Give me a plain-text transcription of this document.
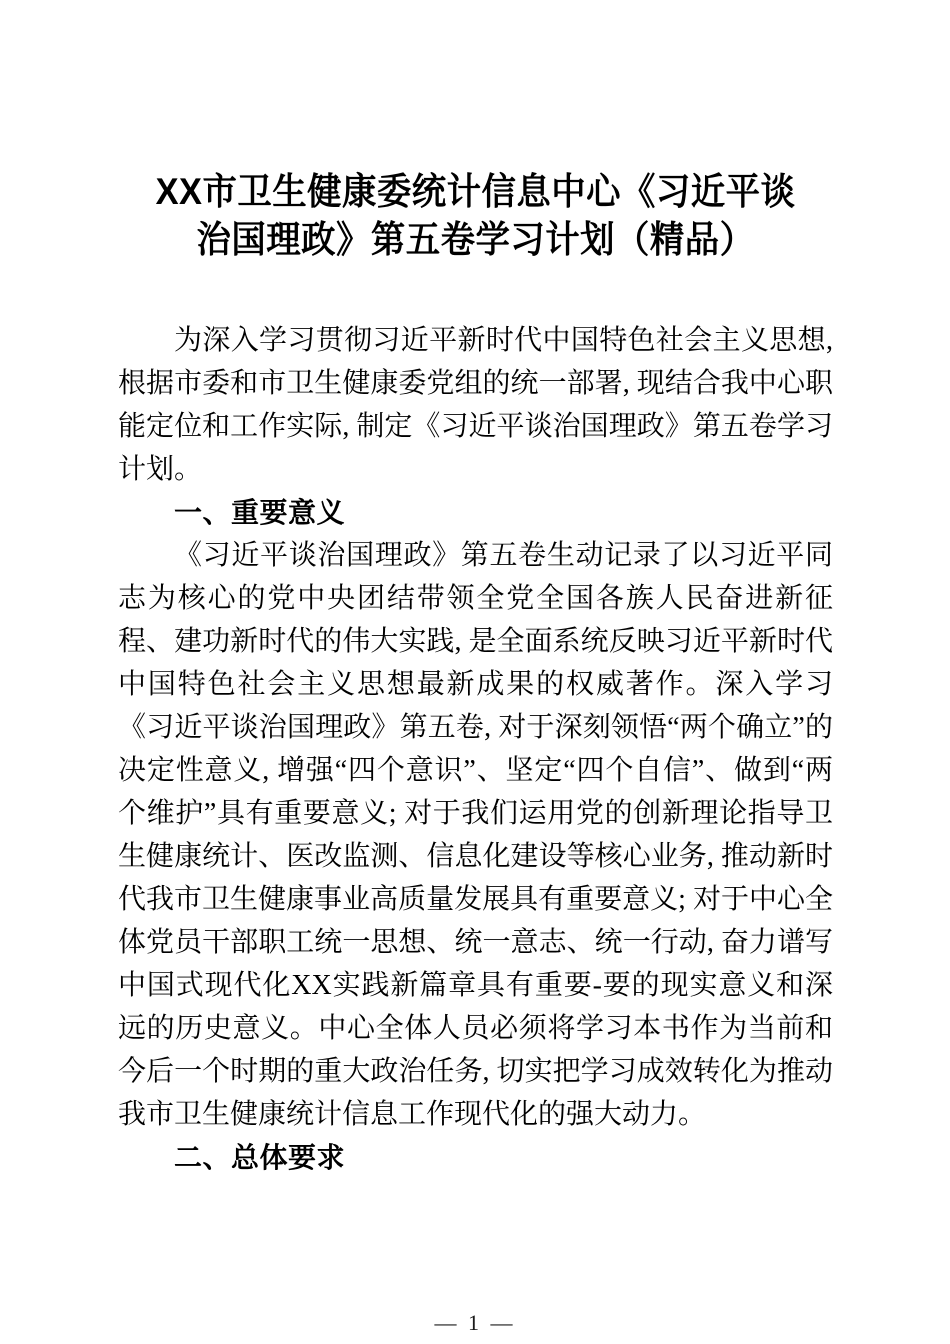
XX市卫生健康委统计信息中心《习近平谈治国理政》第五卷学习计划（精品）

为深入学习贯彻习近平新时代中国特色社会主义思想, 根据市委和市卫生健康委党组的统一部署, 现结合我中心职能定位和工作实际, 制定《习近平谈治国理政》第五卷学习计划。

一、重要意义

《习近平谈治国理政》第五卷生动记录了以习近平同志为核心的党中央团结带领全党全国各族人民奋进新征程、建功新时代的伟大实践, 是全面系统反映习近平新时代中国特色社会主义思想最新成果的权威著作。深入学习《习近平谈治国理政》第五卷, 对于深刻领悟“两个确立”的决定性意义, 增强“四个意识”、坚定“四个自信”、做到“两个维护”具有重要意义; 对于我们运用党的创新理论指导卫生健康统计、医改监测、信息化建设等核心业务, 推动新时代我市卫生健康事业高质量发展具有重要意义; 对于中心全体党员干部职工统一思想、统一意志、统一行动, 奋力谱写中国式现代化XX实践新篇章具有重要-要的现实意义和深远的历史意义。中心全体人员必须将学习本书作为当前和今后一个时期的重大政治任务, 切实把学习成效转化为推动我市卫生健康统计信息工作现代化的强大动力。

二、总体要求
— 1 —
